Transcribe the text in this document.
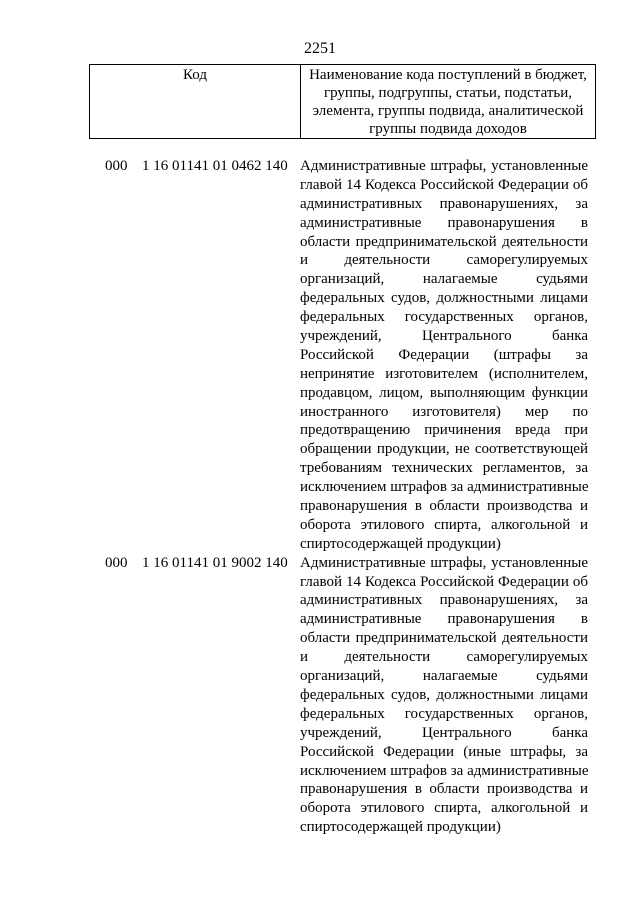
2251
Код	Наименование кода поступлений в бюджет, группы, подгруппы, статьи, подстатьи, элемента, группы подвида, аналитической группы подвида доходов
000 1 16 01141 01 0462 140 Административные штрафы, установленные
главой 14 Кодекса Российской Федерации об
административных правонарушениях, за
административные правонарушения в
области предпринимательской деятельности
и деятельности саморегулируемых
организаций, налагаемые судьями
федеральных судов, должностными лицами
федеральных государственных органов,
учреждений, Центрального банка
Российской Федерации (штрафы за
непринятие изготовителем (исполнителем,
продавцом, лицом, выполняющим функции
иностранного изготовителя) мер по
предотвращению причинения вреда при
обращении продукции, не соответствующей
требованиям технических регламентов, за
исключением штрафов за административные
правонарушения в области производства и
оборота этилового спирта, алкогольной и
спиртосодержащей продукции)
000 1 16 01141 01 9002 140 Административные штрафы, установленные
главой 14 Кодекса Российской Федерации об
административных правонарушениях, за
административные правонарушения в
области предпринимательской деятельности
и деятельности саморегулируемых
организаций, налагаемые судьями
федеральных судов, должностными лицами
федеральных государственных органов,
учреждений, Центрального банка
Российской Федерации (иные штрафы, за
исключением штрафов за административные
правонарушения в области производства и
оборота этилового спирта, алкогольной и
спиртосодержащей продукции)
